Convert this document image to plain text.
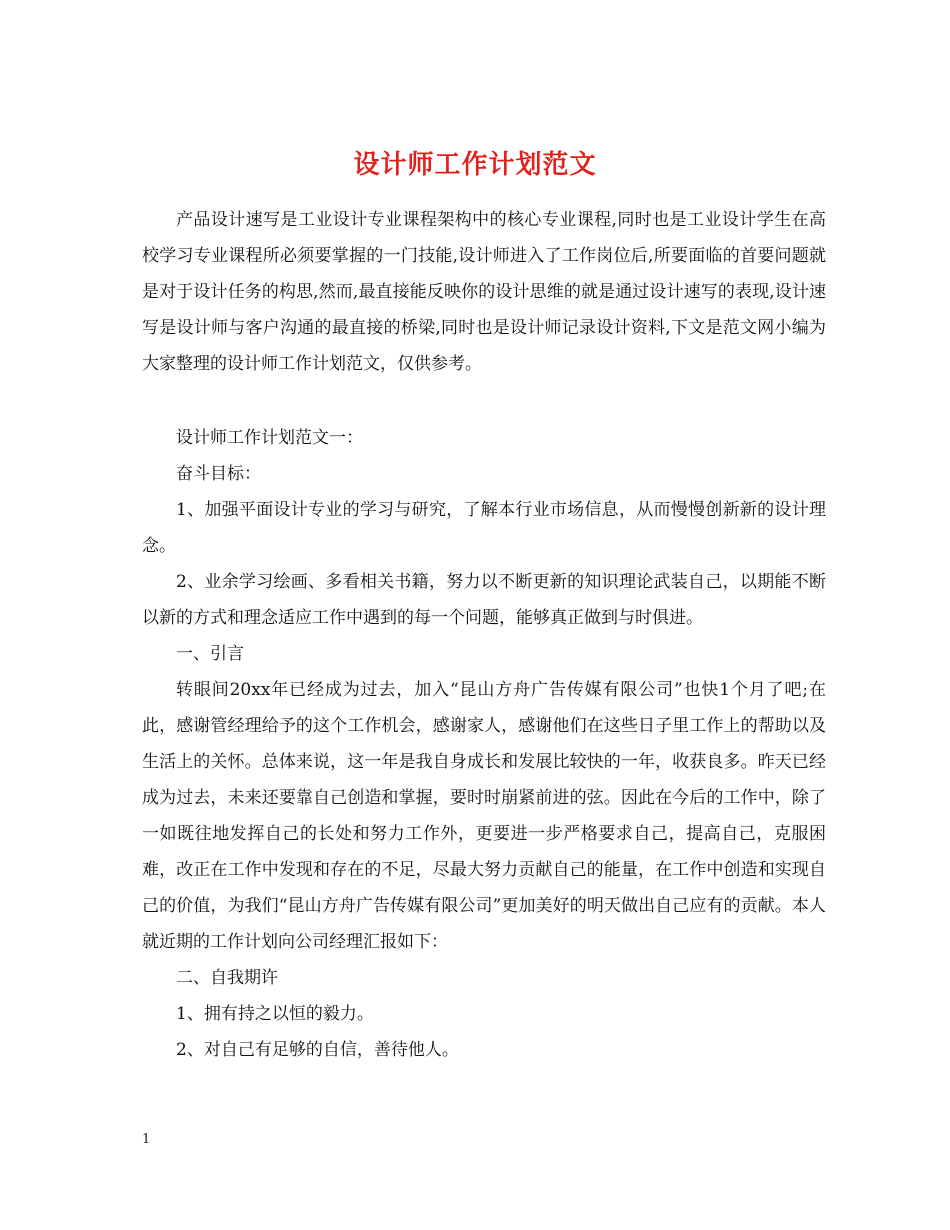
设计师工作计划范文

产品设计速写是工业设计专业课程架构中的核心专业课程,同时也是工业设计学生在高校学习专业课程所必须要掌握的一门技能,设计师进入了工作岗位后,所要面临的首要问题就是对于设计任务的构思,然而,最直接能反映你的设计思维的就是通过设计速写的表现,设计速写是设计师与客户沟通的最直接的桥梁,同时也是设计师记录设计资料,下文是范文网小编为大家整理的设计师工作计划范文，仅供参考。

设计师工作计划范文一：

奋斗目标：

1、加强平面设计专业的学习与研究，了解本行业市场信息，从而慢慢创新新的设计理念。

2、业余学习绘画、多看相关书籍，努力以不断更新的知识理论武装自己，以期能不断以新的方式和理念适应工作中遇到的每一个问题，能够真正做到与时俱进。

一、引言

转眼间20xx年已经成为过去，加入“昆山方舟广告传媒有限公司”也快1个月了吧;在此，感谢管经理给予的这个工作机会，感谢家人，感谢他们在这些日子里工作上的帮助以及生活上的关怀。总体来说，这一年是我自身成长和发展比较快的一年，收获良多。昨天已经成为过去，未来还要靠自己创造和掌握，要时时崩紧前进的弦。因此在今后的工作中，除了一如既往地发挥自己的长处和努力工作外，更要进一步严格要求自己，提高自己，克服困难，改正在工作中发现和存在的不足，尽最大努力贡献自己的能量，在工作中创造和实现自己的价值，为我们“昆山方舟广告传媒有限公司”更加美好的明天做出自己应有的贡献。本人就近期的工作计划向公司经理汇报如下：

二、自我期许

1、拥有持之以恒的毅力。

2、对自己有足够的自信，善待他人。

1
